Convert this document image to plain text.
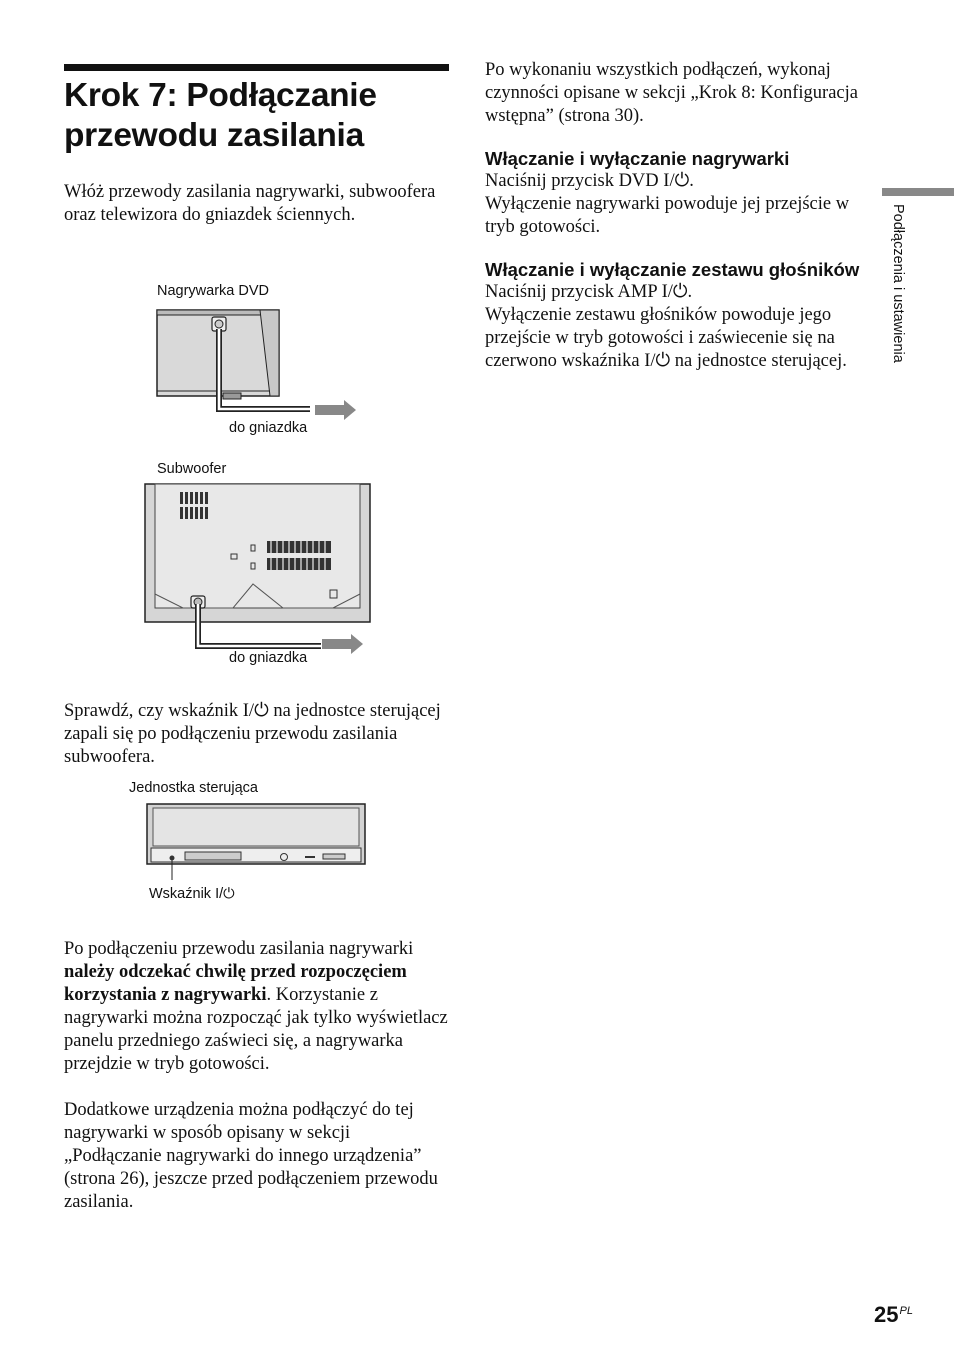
Krok 7: Podłączanie przewodu zasilania

Włóż przewody zasilania nagrywarki, subwoofera oraz telewizora do gniazdek ściennych.

Nagrywarka DVD
do gniazdka
Subwoofer
do gniazdka

Sprawdź, czy wskaźnik I/⏻ na jednostce sterującej zapali się po podłączeniu przewodu zasilania subwoofera.

Jednostka sterująca
Wskaźnik I/⏻

Po podłączeniu przewodu zasilania nagrywarki należy odczekać chwilę przed rozpoczęciem korzystania z nagrywarki. Korzystanie z nagrywarki można rozpocząć jak tylko wyświetlacz panelu przedniego zaświeci się, a nagrywarka przejdzie w tryb gotowości.

Dodatkowe urządzenia można podłączyć do tej nagrywarki w sposób opisany w sekcji „Podłączanie nagrywarki do innego urządzenia” (strona 26), jeszcze przed podłączeniem przewodu zasilania.

Po wykonaniu wszystkich podłączeń, wykonaj czynności opisane w sekcji „Krok 8: Konfiguracja wstępna” (strona 30).

Włączanie i wyłączanie nagrywarki

Naciśnij przycisk DVD I/⏻.

Wyłączenie nagrywarki powoduje jej przejście w tryb gotowości.

Włączanie i wyłączanie zestawu głośników

Naciśnij przycisk AMP I/⏻.

Wyłączenie zestawu głośników powoduje jego przejście w tryb gotowości i zaświecenie się na czerwono wskaźnika I/⏻ na jednostce sterującej.	Podłączenia i ustawienia
$25^{PL}$
